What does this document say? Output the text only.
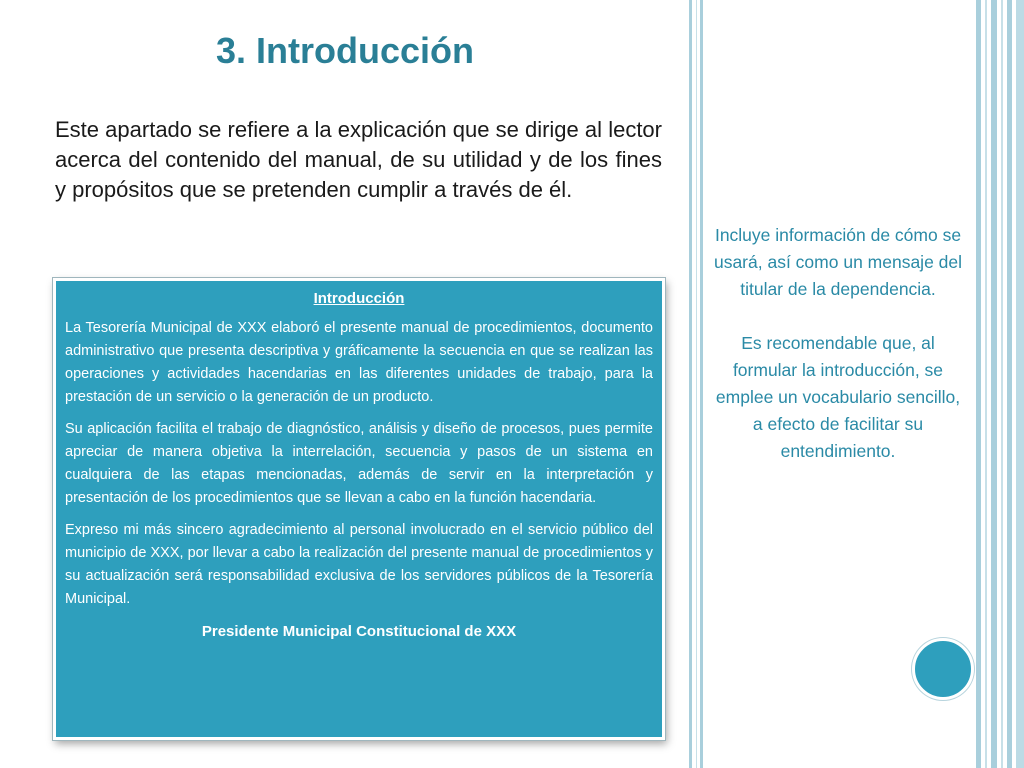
3. Introducción

Este apartado se refiere a la explicación que se dirige al lector acerca del contenido del manual, de su utilidad y de los fines y propósitos que se pretenden cumplir a través de él.

Introducción

La Tesorería Municipal de XXX elaboró el presente manual de procedimientos, documento administrativo que presenta descriptiva y gráficamente la secuencia en que se realizan las operaciones y actividades hacendarias en las diferentes unidades de trabajo, para la prestación de un servicio o la generación de un producto.

Su aplicación facilita el trabajo de diagnóstico, análisis y diseño de procesos, pues permite apreciar de manera objetiva la interrelación, secuencia y pasos de un sistema en cualquiera de las etapas mencionadas, además de servir en la interpretación y presentación de los procedimientos que se llevan a cabo en la función hacendaria.

Expreso mi más sincero agradecimiento al personal involucrado en el servicio público del municipio de XXX, por llevar a cabo la realización del presente manual de procedimientos y su actualización será responsabilidad exclusiva de los servidores públicos de la Tesorería Municipal.

Presidente Municipal Constitucional de XXX

Incluye información de cómo se usará, así como un mensaje del titular de la dependencia.

Es recomendable que, al formular la introducción, se emplee un vocabulario sencillo, a efecto de facilitar su entendimiento.
